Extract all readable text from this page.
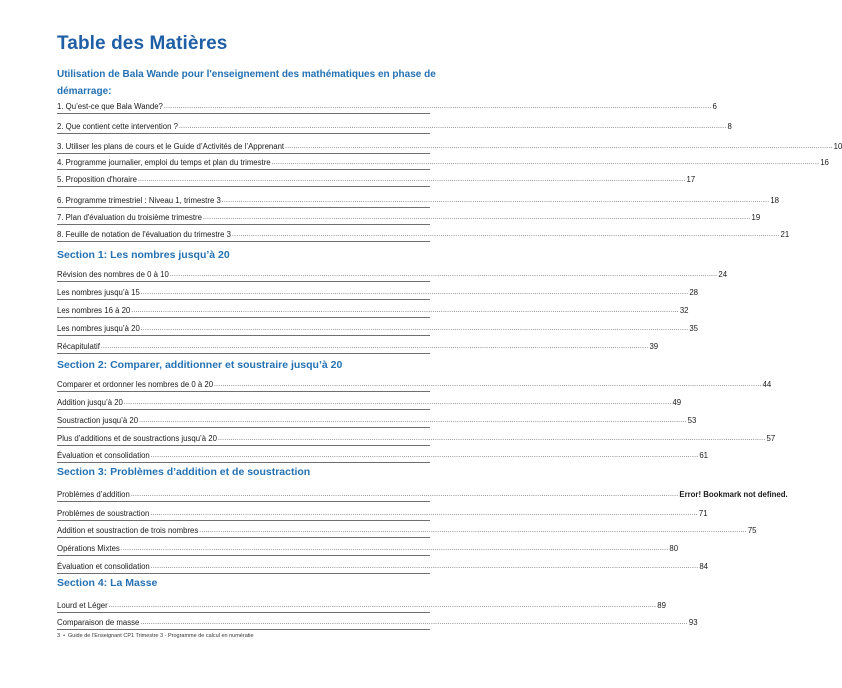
Table des Matières
Utilisation de Bala Wande pour l'enseignement des mathématiques en phase de démarrage:
1. Qu’est-ce que Bala Wande? .................................................................................................................................................................................................................................................................... 6
2. Que contient cette intervention ? .................................................................................................................................................................................................................................................................... 8
3. Utiliser les plans de cours et le Guide d’Activités de l’Apprenant .................................................................................................................................................................................................................................................................... 10
4. Programme journalier, emploi du temps et plan du trimestre .................................................................................................................................................................................................................................................................... 16
5. Proposition d'horaire .................................................................................................................................................................................................................................................................... 17
6. Programme trimestriel : Niveau 1, trimestre 3 .................................................................................................................................................................................................................................................................... 18
7. Plan d'évaluation du troisième trimestre .................................................................................................................................................................................................................................................................... 19
8. Feuille de notation de l'évaluation du trimestre 3 .................................................................................................................................................................................................................................................................... 21
Section 1: Les nombres jusqu’à 20
Révision des nombres de 0 à 10 .................................................................................................................................................................................................................................................................... 24
Les nombres jusqu’à 15 .................................................................................................................................................................................................................................................................... 28
Les nombres 16 à 20 .................................................................................................................................................................................................................................................................... 32
Les nombres jusqu’à 20 .................................................................................................................................................................................................................................................................... 35
Récapitulatif .................................................................................................................................................................................................................................................................... 39
Section 2: Comparer, additionner et soustraire jusqu’à 20
Comparer et ordonner les nombres de 0 à 20 .................................................................................................................................................................................................................................................................... 44
Addition jusqu’à 20 .................................................................................................................................................................................................................................................................... 49
Soustraction jusqu’à 20 .................................................................................................................................................................................................................................................................... 53
Plus d’additions et de soustractions jusqu’à 20 .................................................................................................................................................................................................................................................................... 57
Évaluation et consolidation .................................................................................................................................................................................................................................................................... 61
Section 3: Problèmes d’addition et de soustraction
Problèmes d’addition .................................................................................................................................................................................................................................................................... Error! Bookmark not defined.
Problèmes de soustraction .................................................................................................................................................................................................................................................................... 71
Addition et soustraction de trois nombres .................................................................................................................................................................................................................................................................... 75
Opérations Mixtes .................................................................................................................................................................................................................................................................... 80
Évaluation et consolidation .................................................................................................................................................................................................................................................................... 84
Section 4: La Masse
Lourd et Léger .................................................................................................................................................................................................................................................................... 89
Comparaison de masse .................................................................................................................................................................................................................................................................... 93
3 • Guide de l’Enseignant CP1 Trimestre 3 - Programme de calcul en numératie
